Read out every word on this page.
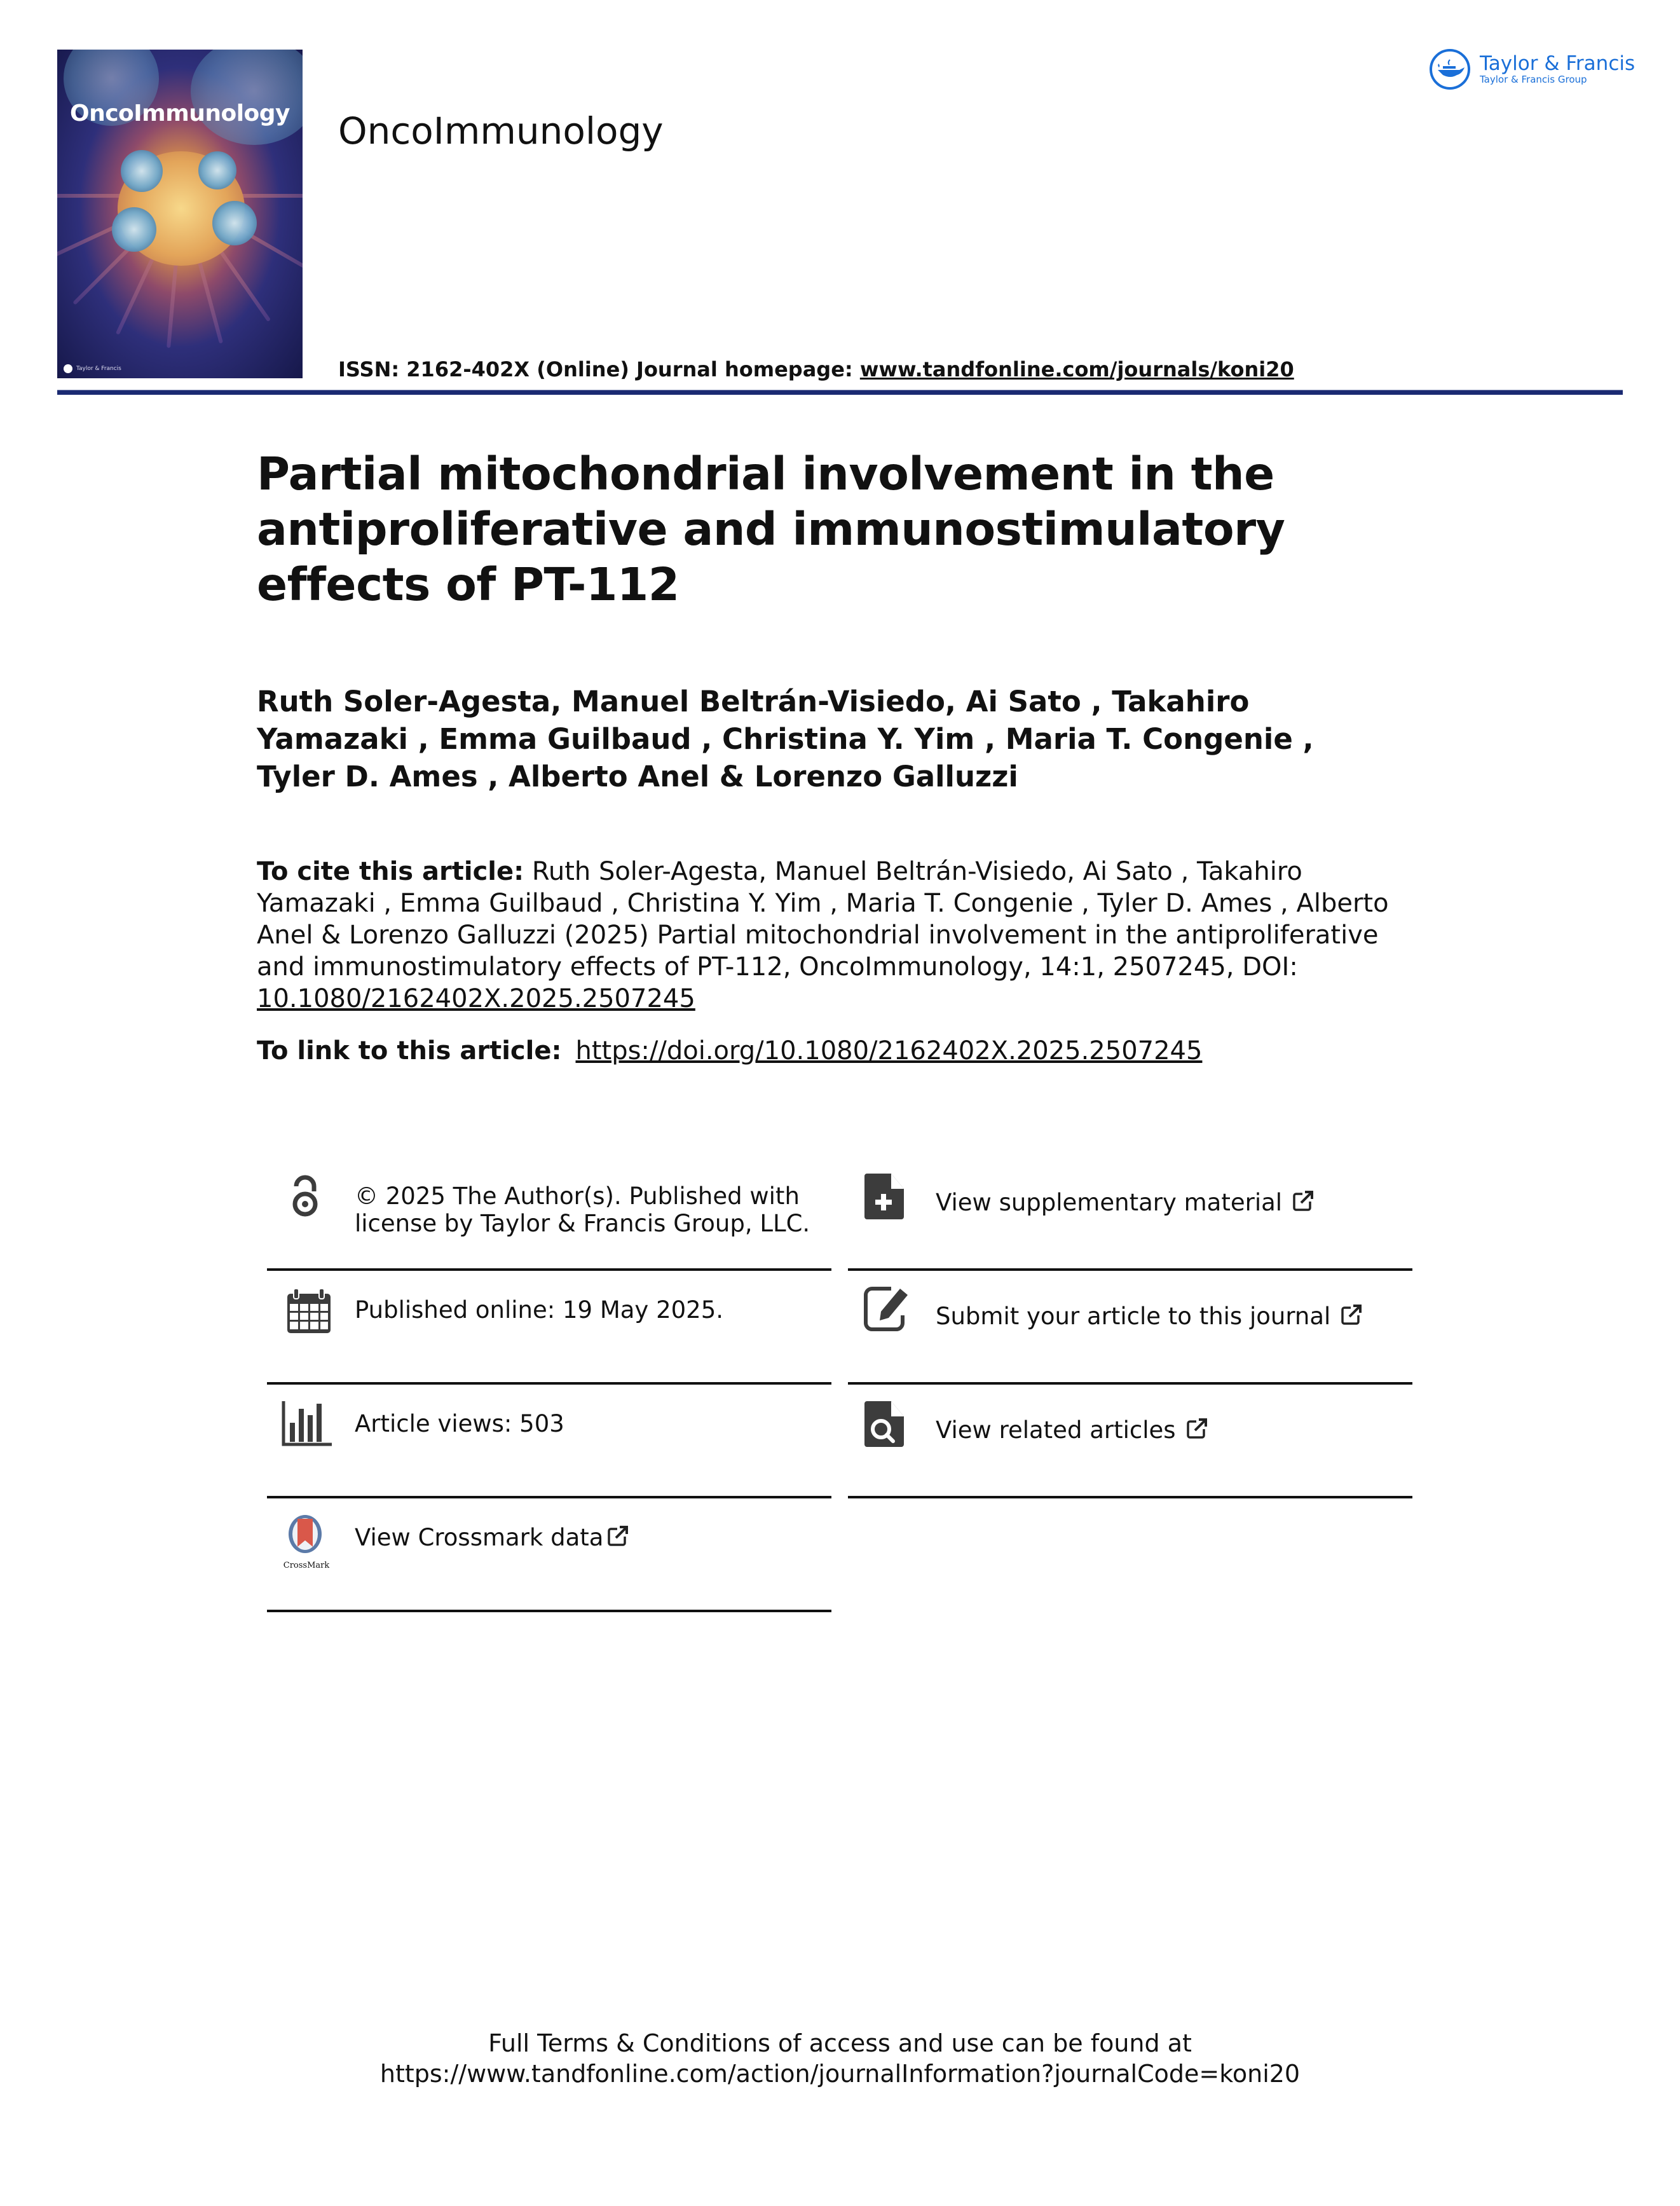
OncoImmunology
Taylor & Francis
OncoImmunology
Taylor & Francis
Taylor & Francis Group
ISSN: 2162-402X (Online) Journal homepage: www.tandfonline.com/journals/koni20
Partial mitochondrial involvement in the antiproliferative and immunostimulatory effects of PT-112
Ruth Soler-Agesta, Manuel Beltrán-Visiedo, Ai Sato , Takahiro Yamazaki , Emma Guilbaud , Christina Y. Yim , Maria T. Congenie , Tyler D. Ames , Alberto Anel & Lorenzo Galluzzi
To cite this article: Ruth Soler-Agesta, Manuel Beltrán-Visiedo, Ai Sato , Takahiro Yamazaki , Emma Guilbaud , Christina Y. Yim , Maria T. Congenie , Tyler D. Ames , Alberto Anel & Lorenzo Galluzzi (2025) Partial mitochondrial involvement in the antiproliferative and immunostimulatory effects of PT-112, OncoImmunology, 14:1, 2507245, DOI: 10.1080/2162402X.2025.2507245
To link to this article: https://doi.org/10.1080/2162402X.2025.2507245
© 2025 The Author(s). Published with license by Taylor & Francis Group, LLC.
Published online: 19 May 2025.
Article views: 503
CrossMark
View Crossmark data
View supplementary material
Submit your article to this journal
View related articles
Full Terms & Conditions of access and use can be found at
https://www.tandfonline.com/action/journalInformation?journalCode=koni20
